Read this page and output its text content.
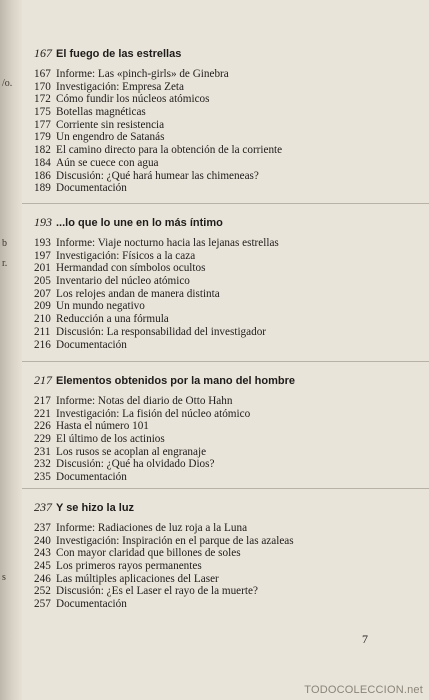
/o.
b
r.
s
167 El fuego de las estrellas
167 Informe: Las «pinch-girls» de Ginebra
170 Investigación: Empresa Zeta
172 Cómo fundir los núcleos atómicos
175 Botellas magnéticas
177 Corriente sin resistencia
179 Un engendro de Satanás
182 El camino directo para la obtención de la corriente
184 Aún se cuece con agua
186 Discusión: ¿Qué hará humear las chimeneas?
189 Documentación
193 ...lo que lo une en lo más íntimo
193 Informe: Viaje nocturno hacia las lejanas estrellas
197 Investigación: Físicos a la caza
201 Hermandad con símbolos ocultos
205 Inventario del núcleo atómico
207 Los relojes andan de manera distinta
209 Un mundo negativo
210 Reducción a una fórmula
211 Discusión: La responsabilidad del investigador
216 Documentación
217 Elementos obtenidos por la mano del hombre
217 Informe: Notas del diario de Otto Hahn
221 Investigación: La fisión del núcleo atómico
226 Hasta el número 101
229 El último de los actinios
231 Los rusos se acoplan al engranaje
232 Discusión: ¿Qué ha olvidado Dios?
235 Documentación
237 Y se hizo la luz
237 Informe: Radiaciones de luz roja a la Luna
240 Investigación: Inspiración en el parque de las azaleas
243 Con mayor claridad que billones de soles
245 Los primeros rayos permanentes
246 Las múltiples aplicaciones del Laser
252 Discusión: ¿Es el Laser el rayo de la muerte?
257 Documentación
7
TODOCOLECCION.net
